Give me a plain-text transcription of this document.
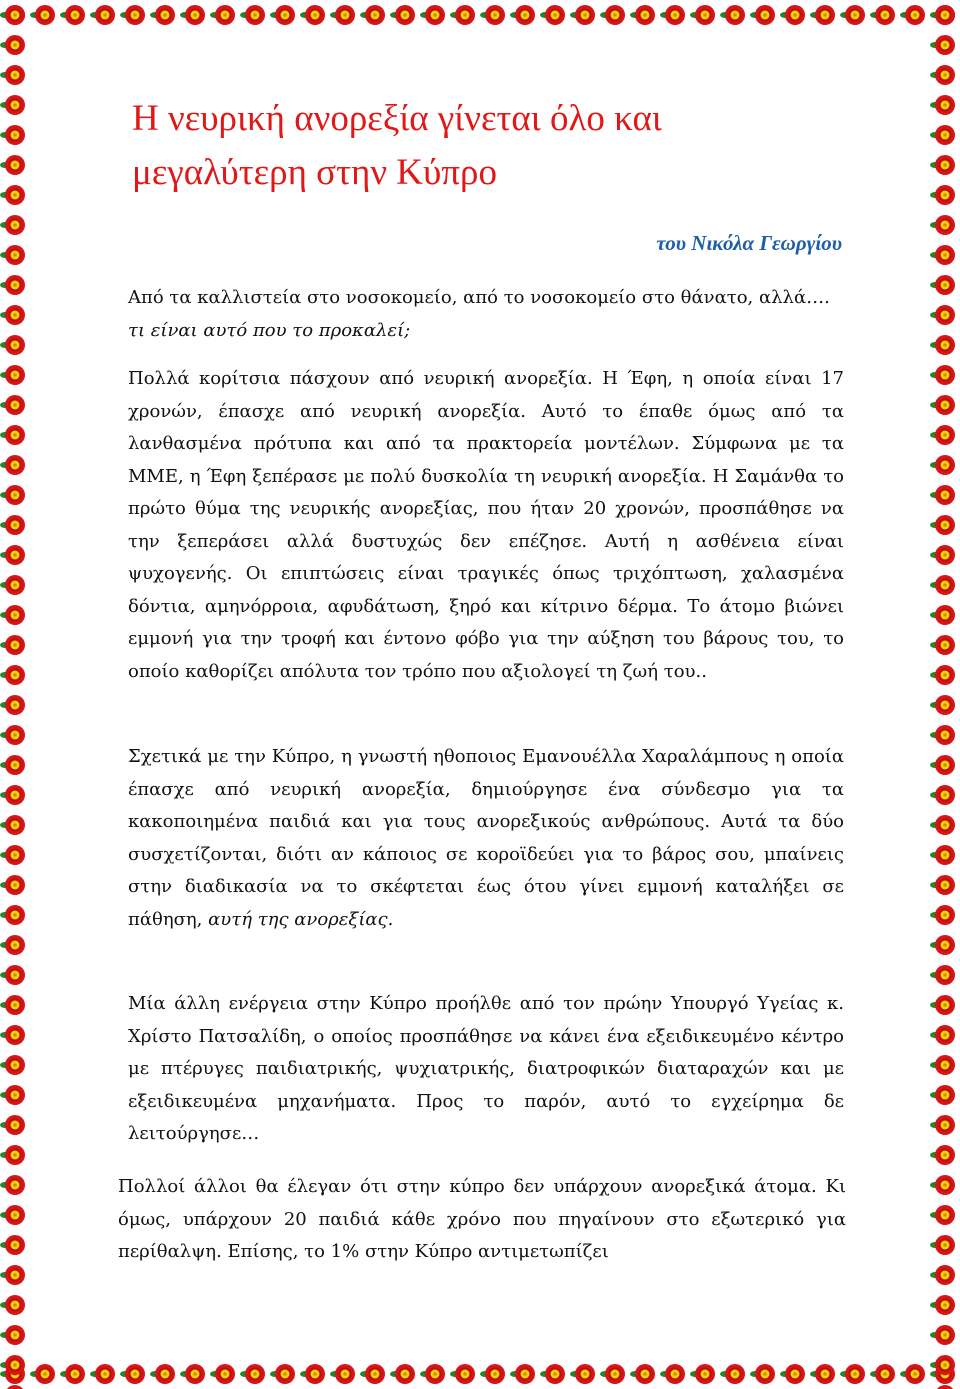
Η νευρική ανορεξία γίνεται όλο και μεγαλύτερη στην Κύπρο
του Νικόλα Γεωργίου

Από τα καλλιστεία στο νοσοκομείο, από το νοσοκομείο στο θάνατο, αλλά…. τι είναι αυτό που το προκαλεί;

Πολλά κορίτσια πάσχουν από νευρική ανορεξία. Η Έφη, η οποία είναι 17 χρονών, έπασχε από νευρική ανορεξία. Αυτό το έπαθε όμως από τα λανθασμένα πρότυπα και από τα πρακτορεία μοντέλων. Σύμφωνα με τα ΜΜΕ, η Έφη ξεπέρασε με πολύ δυσκολία τη νευρική ανορεξία. Η Σαμάνθα το πρώτο θύμα της νευρικής ανορεξίας, που ήταν 20 χρονών, προσπάθησε να την ξεπεράσει αλλά δυστυχώς δεν επέζησε. Αυτή η ασθένεια είναι ψυχογενής. Οι επιπτώσεις είναι τραγικές όπως τριχόπτωση, χαλασμένα δόντια, αμηνόρροια, αφυδάτωση, ξηρό και κίτρινο δέρμα. Το άτομο βιώνει εμμονή για την τροφή και έντονο φόβο για την αύξηση του βάρους του, το οποίο καθορίζει απόλυτα τον τρόπο που αξιολογεί τη ζωή του..

Σχετικά με την Κύπρο, η γνωστή ηθοποιος Εμανουέλλα Χαραλάμπους η οποία έπασχε από νευρική ανορεξία, δημιούργησε ένα σύνδεσμο για τα κακοποιημένα παιδιά και για τους ανορεξικούς ανθρώπους. Αυτά τα δύο συσχετίζονται, διότι αν κάποιος σε κοροϊδεύει για το βάρος σου, μπαίνεις στην διαδικασία να το σκέφτεται έως ότου γίνει εμμονή καταλήξει σε πάθηση, αυτή της ανορεξίας.

Μία άλλη ενέργεια στην Κύπρο προήλθε από τον πρώην Υπουργό Υγείας κ. Χρίστο Πατσαλίδη, ο οποίος προσπάθησε να κάνει ένα εξειδικευμένο κέντρο με πτέρυγες παιδιατρικής, ψυχιατρικής, διατροφικών διαταραχών και με εξειδικευμένα μηχανήματα. Προς το παρόν, αυτό το εγχείρημα δε λειτούργησε…

Πολλοί άλλοι θα έλεγαν ότι στην κύπρο δεν υπάρχουν ανορεξικά άτομα. Κι όμως, υπάρχουν 20 παιδιά κάθε χρόνο που πηγαίνουν στο εξωτερικό για περίθαλψη. Επίσης, το 1% στην Κύπρο αντιμετωπίζει
